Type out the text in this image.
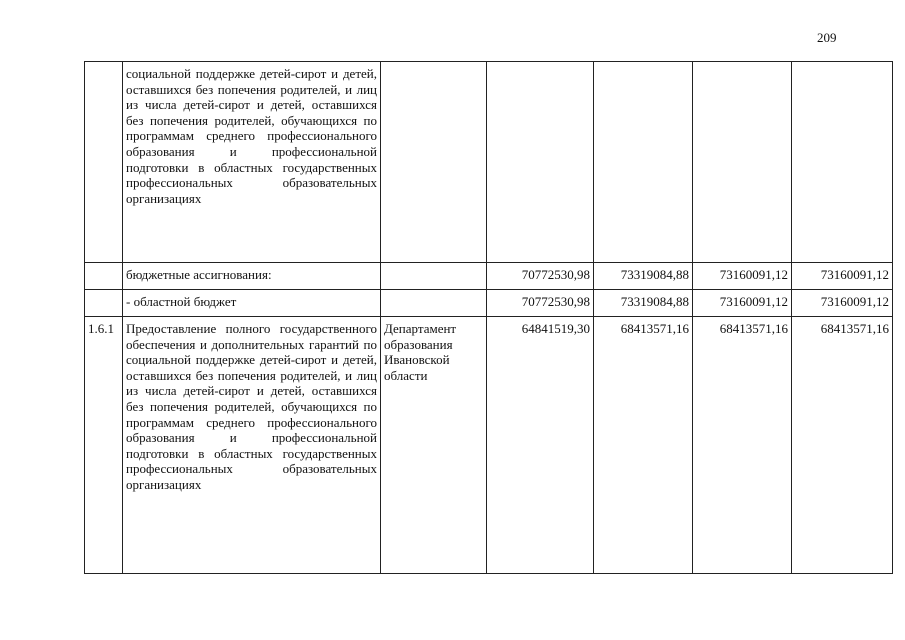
209
	социальной поддержке детей-сирот и детей, оставшихся без попечения родителей, и лиц из числа детей-сирот и детей, оставшихся без попечения родителей, обучающихся по программам среднего профессионального образования и профессиональной подготовки в областных государственных профессиональных образовательных организациях					
	бюджетные ассигнования:		70772530,98	73319084,88	73160091,12	73160091,12
	- областной бюджет		70772530,98	73319084,88	73160091,12	73160091,12
1.6.1	Предоставление полного государственного обеспечения и дополнительных гарантий по социальной поддержке детей-сирот и детей, оставшихся без попечения родителей, и лиц из числа детей-сирот и детей, оставшихся без попечения родителей, обучающихся по программам среднего профессионального образования и профессиональной подготовки в областных государственных профессиональных образовательных организациях	Департамент образования Ивановской области	64841519,30	68413571,16	68413571,16	68413571,16
